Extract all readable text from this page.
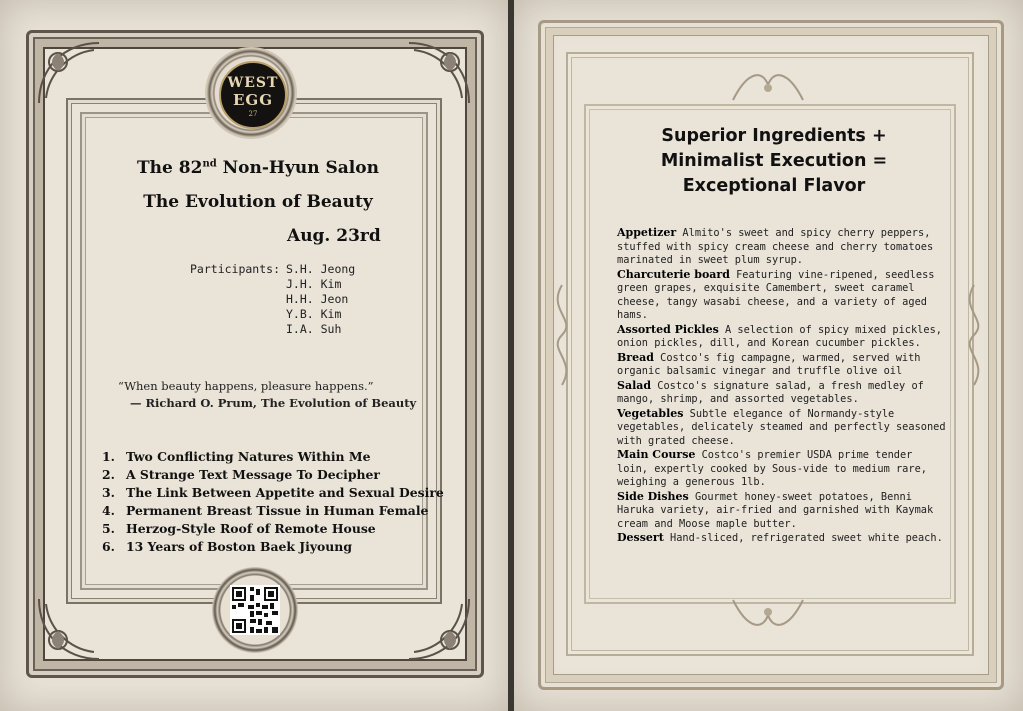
WEST
EGG
27
The 82nd Non-Hyun Salon
The Evolution of Beauty
Aug. 23rd
Participants: S.H. Jeong
J.H. Kim
H.H. Jeon
Y.B. Kim
I.A. Suh
“When beauty happens, pleasure happens.”
— Richard O. Prum, The Evolution of Beauty
1. Two Conflicting Natures Within Me
2. A Strange Text Message To Decipher
3. The Link Between Appetite and Sexual Desire
4. Permanent Breast Tissue in Human Female
5. Herzog-Style Roof of Remote House
6. 13 Years of Boston Baek Jiyoung
Superior Ingredients +
Minimalist Execution =
Exceptional Flavor

Appetizer Almito's sweet and spicy cherry peppers, stuffed with spicy cream cheese and cherry tomatoes marinated in sweet plum syrup.

Charcuterie board Featuring vine-ripened, seedless green grapes, exquisite Camembert, sweet caramel cheese, tangy wasabi cheese, and a variety of aged hams.

Assorted Pickles A selection of spicy mixed pickles, onion pickles, dill, and Korean cucumber pickles.

Bread Costco's fig campagne, warmed, served with organic balsamic vinegar and truffle olive oil

Salad Costco's signature salad, a fresh medley of mango, shrimp, and assorted vegetables.

Vegetables Subtle elegance of Normandy-style vegetables, delicately steamed and perfectly seasoned with grated cheese.

Main Course Costco's premier USDA prime tender loin, expertly cooked by Sous-vide to medium rare, weighing a generous 1lb.

Side Dishes Gourmet honey-sweet potatoes, Benni Haruka variety, air-fried and garnished with Kaymak cream and Moose maple butter.

Dessert Hand-sliced, refrigerated sweet white peach.
